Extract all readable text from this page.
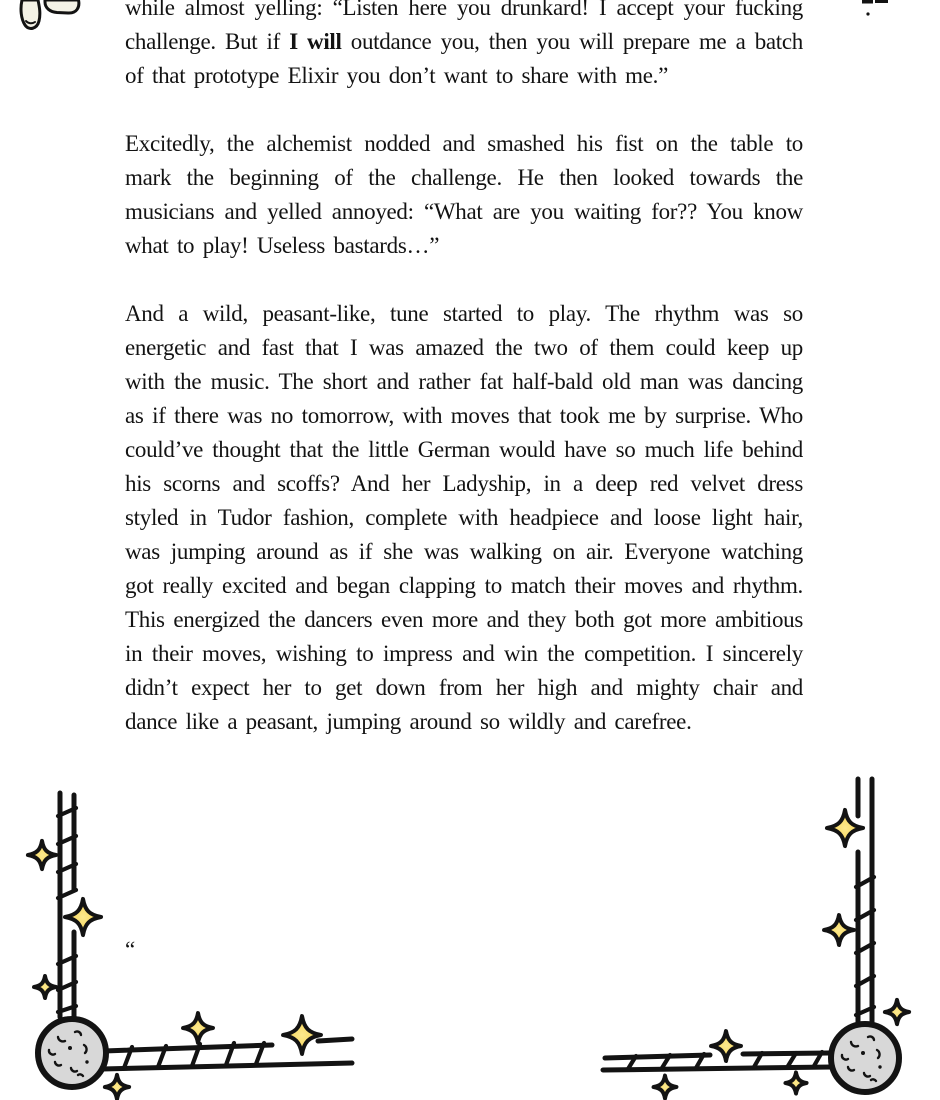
while almost yelling: “Listen here you drunkard! I accept your fucking challenge. But if I will outdance you, then you will prepare me a batch of that prototype Elixir you don’t want to share with me.”

Excitedly, the alchemist nodded and smashed his fist on the table to mark the beginning of the challenge. He then looked towards the musicians and yelled annoyed: “What are you waiting for?? You know what to play! Useless bastards…”

And a wild, peasant-like, tune started to play. The rhythm was so energetic and fast that I was amazed the two of them could keep up with the music. The short and rather fat half-bald old man was dancing as if there was no tomorrow, with moves that took me by surprise. Who could’ve thought that the little German would have so much life behind his scorns and scoffs? And her Ladyship, in a deep red velvet dress styled in Tudor fashion, complete with headpiece and loose light hair, was jumping around as if she was walking on air. Everyone watching got really excited and began clapping to match their moves and rhythm. This energized the dancers even more and they both got more ambitious in their moves, wishing to impress and win the competition. I sincerely didn’t expect her to get down from her high and mighty chair and dance like a peasant, jumping around so wildly and carefree.

“
